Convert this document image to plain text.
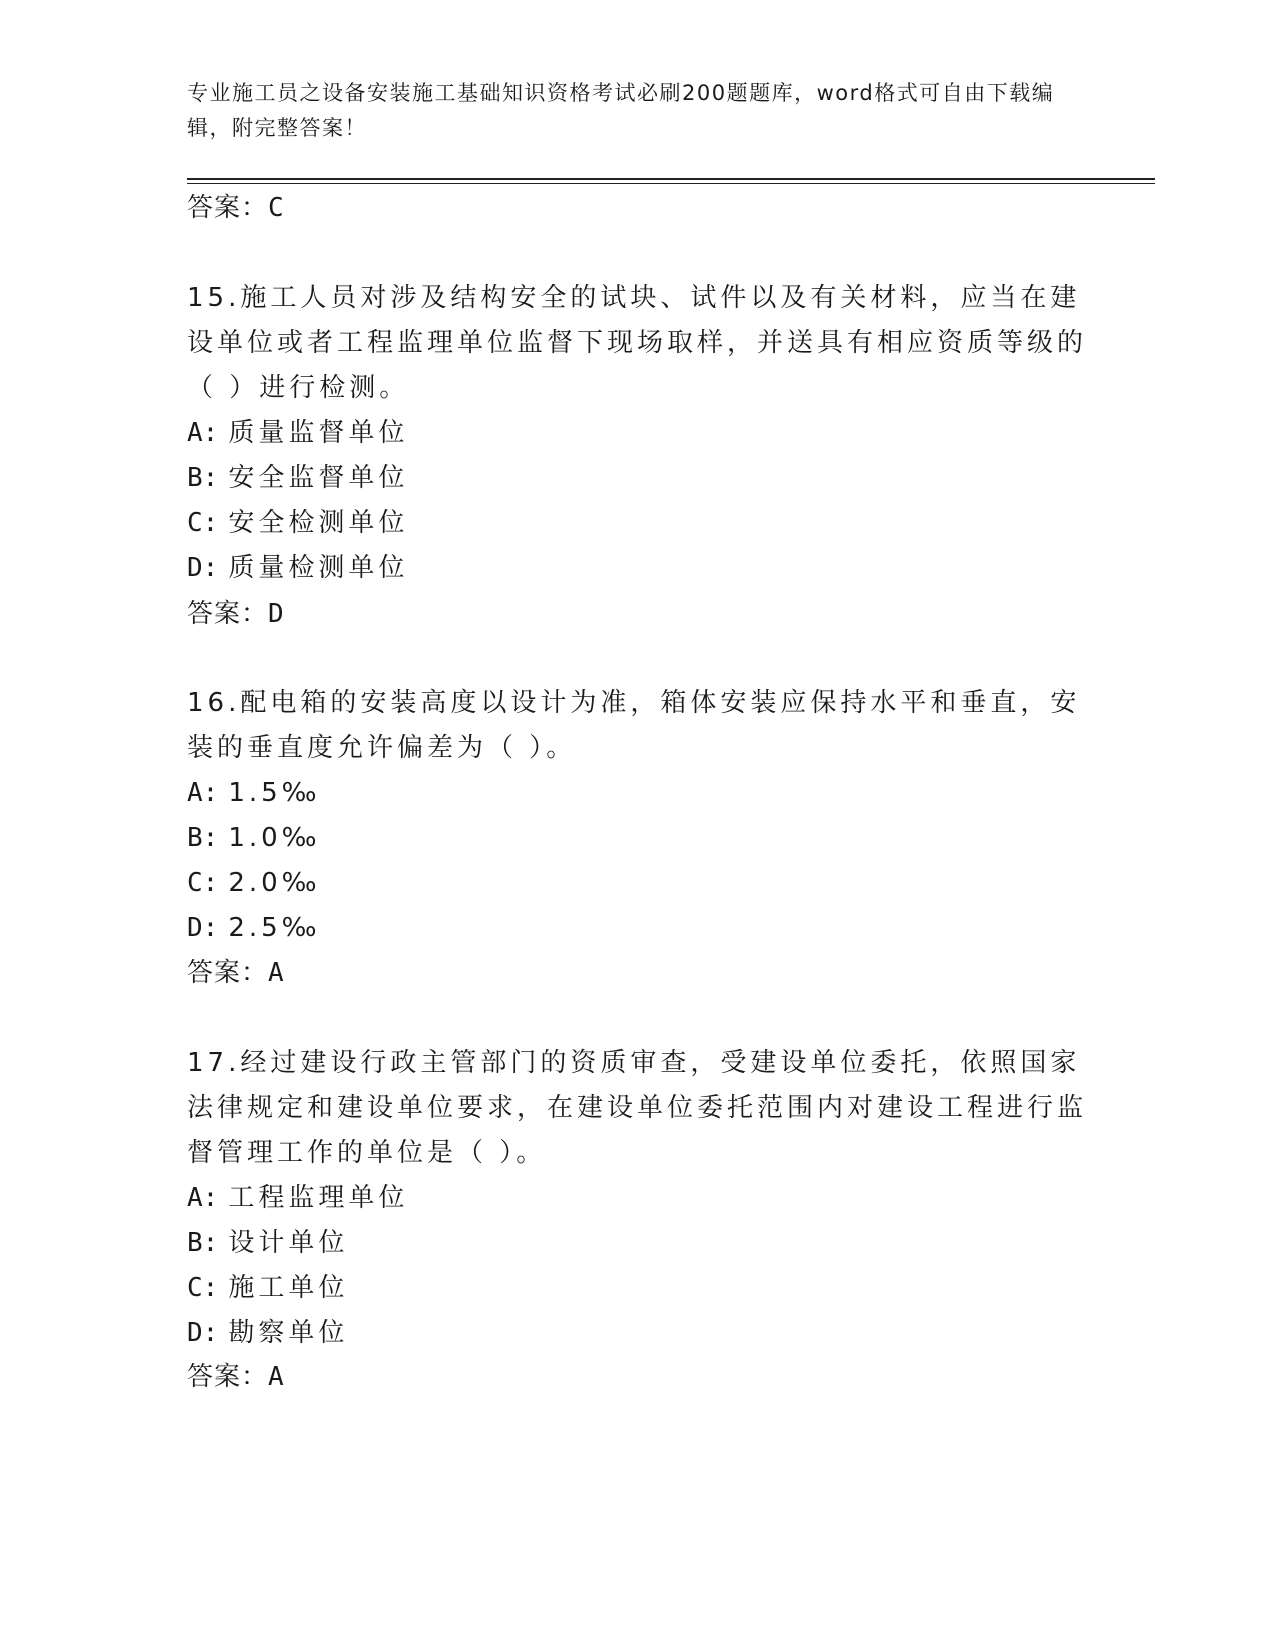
专业施工员之设备安装施工基础知识资格考试必刷200题题库，word格式可自由下载编辑，附完整答案！
答案：C

15.施工人员对涉及结构安全的试块、试件以及有关材料，应当在建设单位或者工程监理单位监督下现场取样，并送具有相应资质等级的（ ）进行检测。

A: 质量监督单位

B: 安全监督单位

C: 安全检测单位

D: 质量检测单位

答案：D

16.配电箱的安装高度以设计为准，箱体安装应保持水平和垂直，安装的垂直度允许偏差为（ ）。

A: 1.5‰

B: 1.0‰

C: 2.0‰

D: 2.5‰

答案：A

17.经过建设行政主管部门的资质审查，受建设单位委托，依照国家法律规定和建设单位要求，在建设单位委托范围内对建设工程进行监督管理工作的单位是（ ）。

A: 工程监理单位

B: 设计单位

C: 施工单位

D: 勘察单位

答案：A
